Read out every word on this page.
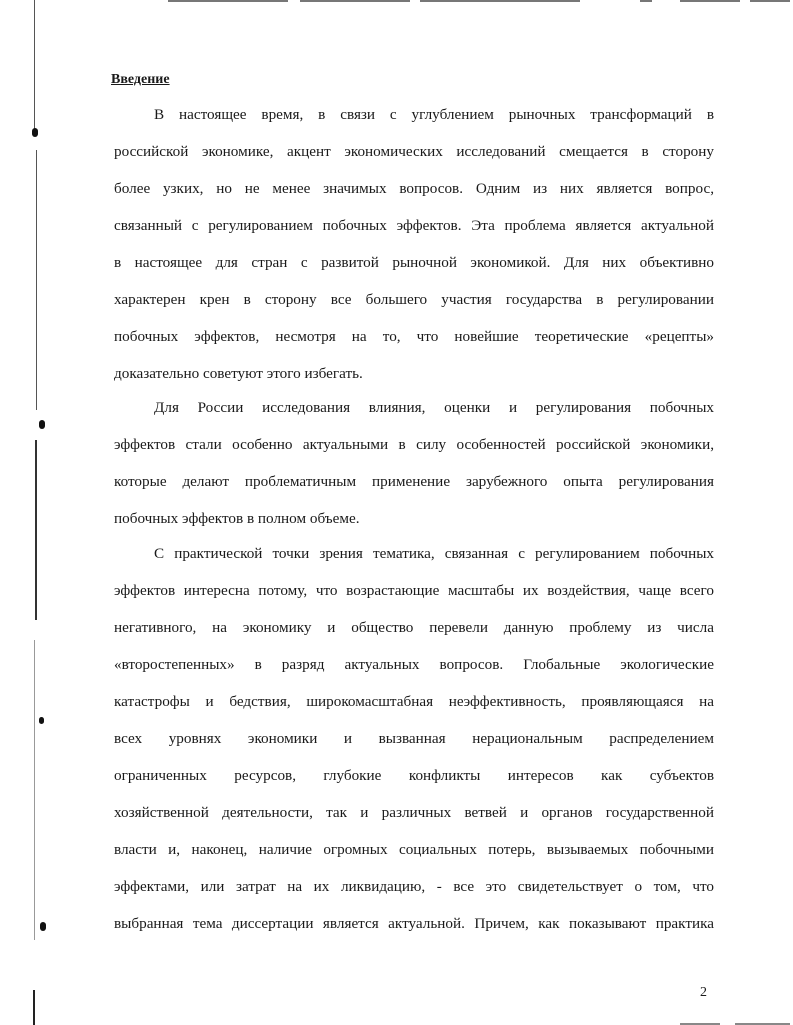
Введение

В настоящее время, в связи с углублением рыночных трансформаций в
российской экономике, акцент экономических исследований смещается в сторону
более узких, но не менее значимых вопросов. Одним из них является вопрос,
связанный с регулированием побочных эффектов. Эта проблема является актуальной
в настоящее для стран с развитой рыночной экономикой. Для них объективно
характерен крен в сторону все большего участия государства в регулировании
побочных эффектов, несмотря на то, что новейшие теоретические «рецепты»
доказательно советуют этого избегать.
Для России исследования влияния, оценки и регулирования побочных
эффектов стали особенно актуальными в силу особенностей российской экономики,
которые делают проблематичным применение зарубежного опыта регулирования
побочных эффектов в полном объеме.
С практической точки зрения тематика, связанная с регулированием побочных
эффектов интересна потому, что возрастающие масштабы их воздействия, чаще всего
негативного, на экономику и общество перевели данную проблему из числа
«второстепенных» в разряд актуальных вопросов. Глобальные экологические
катастрофы и бедствия, широкомасштабная неэффективность, проявляющаяся на
всех уровнях экономики и вызванная нерациональным распределением
ограниченных ресурсов, глубокие конфликты интересов как субъектов
хозяйственной деятельности, так и различных ветвей и органов государственной
власти и, наконец, наличие огромных социальных потерь, вызываемых побочными
эффектами, или затрат на их ликвидацию, - все это свидетельствует о том, что
выбранная тема диссертации является актуальной. Причем, как показывают практика

2
